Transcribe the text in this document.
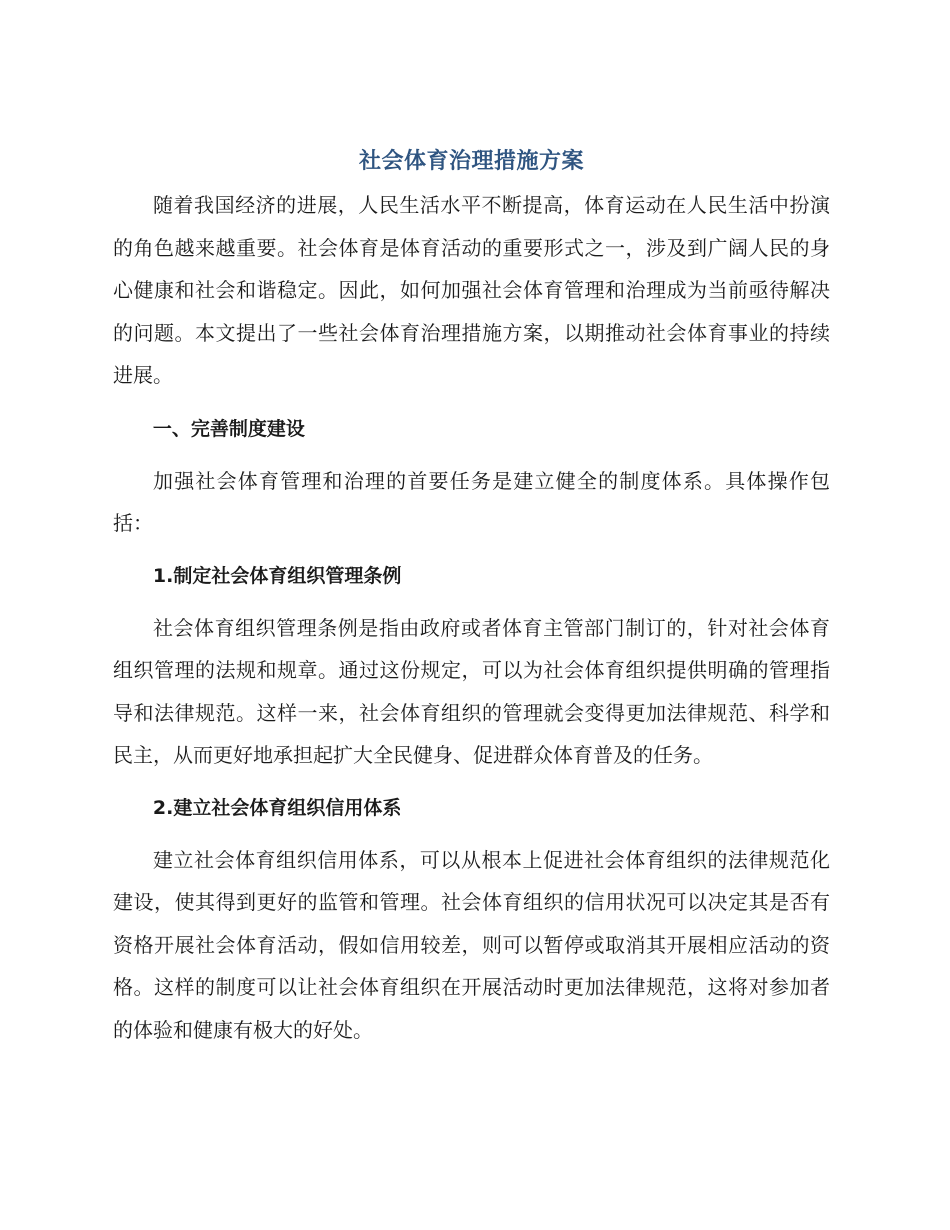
社会体育治理措施方案

随着我国经济的进展，人民生活水平不断提高，体育运动在人民生活中扮演的角色越来越重要。社会体育是体育活动的重要形式之一，涉及到广阔人民的身心健康和社会和谐稳定。因此，如何加强社会体育管理和治理成为当前亟待解决的问题。本文提出了一些社会体育治理措施方案，以期推动社会体育事业的持续进展。

一、完善制度建设

加强社会体育管理和治理的首要任务是建立健全的制度体系。具体操作包括：

1.制定社会体育组织管理条例

社会体育组织管理条例是指由政府或者体育主管部门制订的，针对社会体育组织管理的法规和规章。通过这份规定，可以为社会体育组织提供明确的管理指导和法律规范。这样一来，社会体育组织的管理就会变得更加法律规范、科学和民主，从而更好地承担起扩大全民健身、促进群众体育普及的任务。

2.建立社会体育组织信用体系

建立社会体育组织信用体系，可以从根本上促进社会体育组织的法律规范化建设，使其得到更好的监管和管理。社会体育组织的信用状况可以决定其是否有资格开展社会体育活动，假如信用较差，则可以暂停或取消其开展相应活动的资格。这样的制度可以让社会体育组织在开展活动时更加法律规范，这将对参加者的体验和健康有极大的好处。
